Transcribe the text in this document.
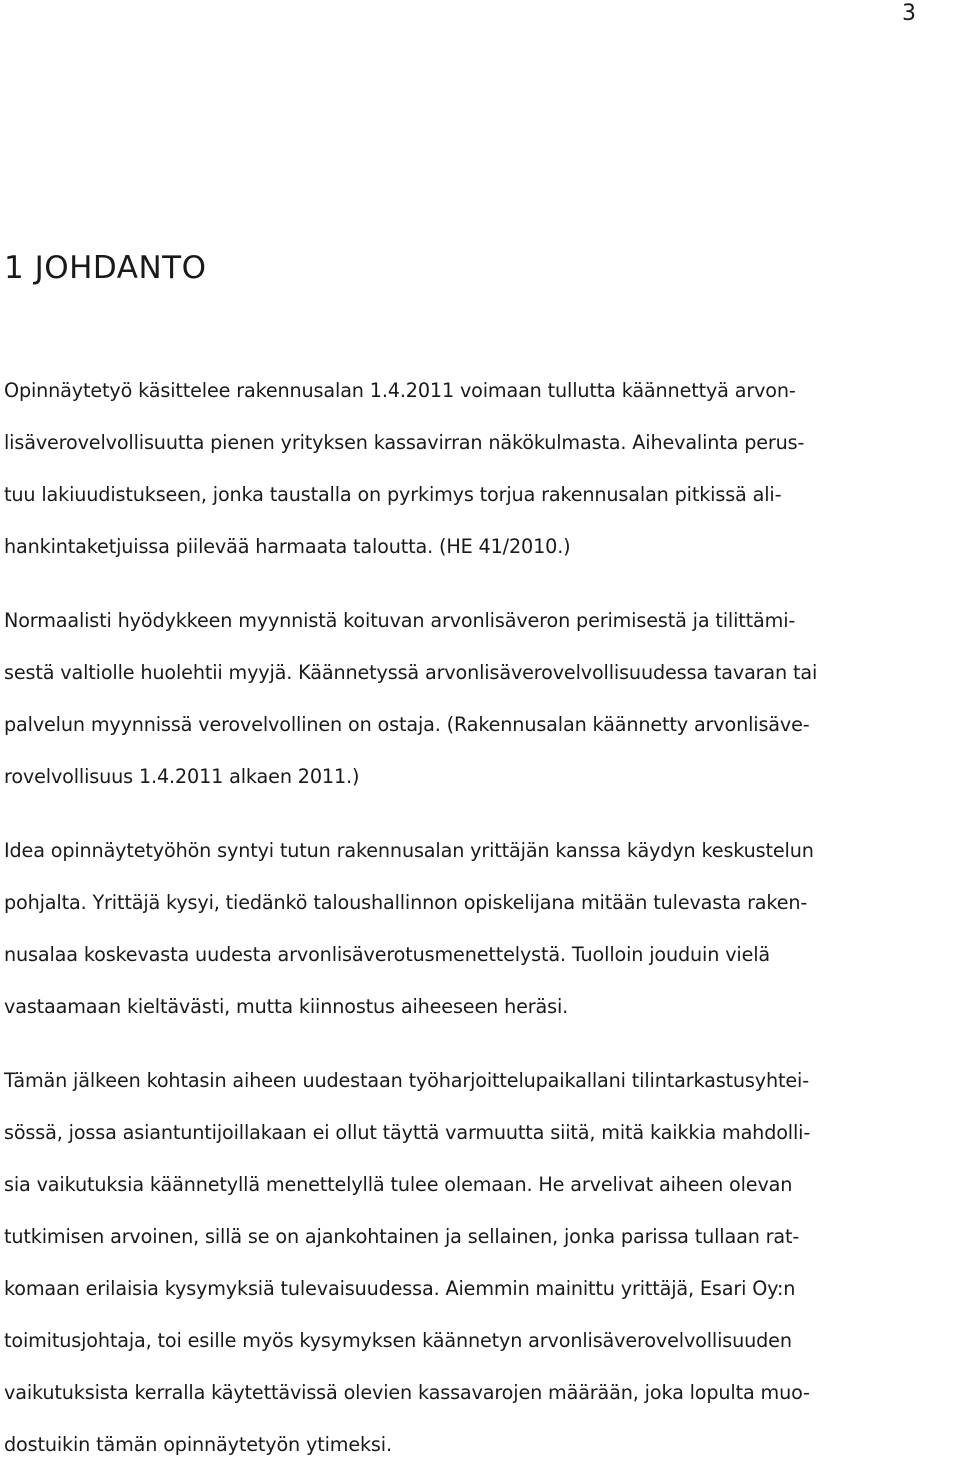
3
1 JOHDANTO

Opinnäytetyö käsittelee rakennusalan 1.4.2011 voimaan tullutta käännettyä arvon-
lisäverovelvollisuutta pienen yrityksen kassavirran näkökulmasta. Aihevalinta perus-
tuu lakiuudistukseen, jonka taustalla on pyrkimys torjua rakennusalan pitkissä ali-
hankintaketjuissa piilevää harmaata taloutta. (HE 41/2010.)

Normaalisti hyödykkeen myynnistä koituvan arvonlisäveron perimisestä ja tilittämi-
sestä valtiolle huolehtii myyjä. Käännetyssä arvonlisäverovelvollisuudessa tavaran tai
palvelun myynnissä verovelvollinen on ostaja. (Rakennusalan käännetty arvonlisäve-
rovelvollisuus 1.4.2011 alkaen 2011.)

Idea opinnäytetyöhön syntyi tutun rakennusalan yrittäjän kanssa käydyn keskustelun
pohjalta. Yrittäjä kysyi, tiedänkö taloushallinnon opiskelijana mitään tulevasta raken-
nusalaa koskevasta uudesta arvonlisäverotusmenettelystä. Tuolloin jouduin vielä
vastaamaan kieltävästi, mutta kiinnostus aiheeseen heräsi.

Tämän jälkeen kohtasin aiheen uudestaan työharjoittelupaikallani tilintarkastusyhtei-
sössä, jossa asiantuntijoillakaan ei ollut täyttä varmuutta siitä, mitä kaikkia mahdolli-
sia vaikutuksia käännetyllä menettelyllä tulee olemaan. He arvelivat aiheen olevan
tutkimisen arvoinen, sillä se on ajankohtainen ja sellainen, jonka parissa tullaan rat-
komaan erilaisia kysymyksiä tulevaisuudessa. Aiemmin mainittu yrittäjä, Esari Oy:n
toimitusjohtaja, toi esille myös kysymyksen käännetyn arvonlisäverovelvollisuuden
vaikutuksista kerralla käytettävissä olevien kassavarojen määrään, joka lopulta muo-
dostuikin tämän opinnäytetyön ytimeksi.
